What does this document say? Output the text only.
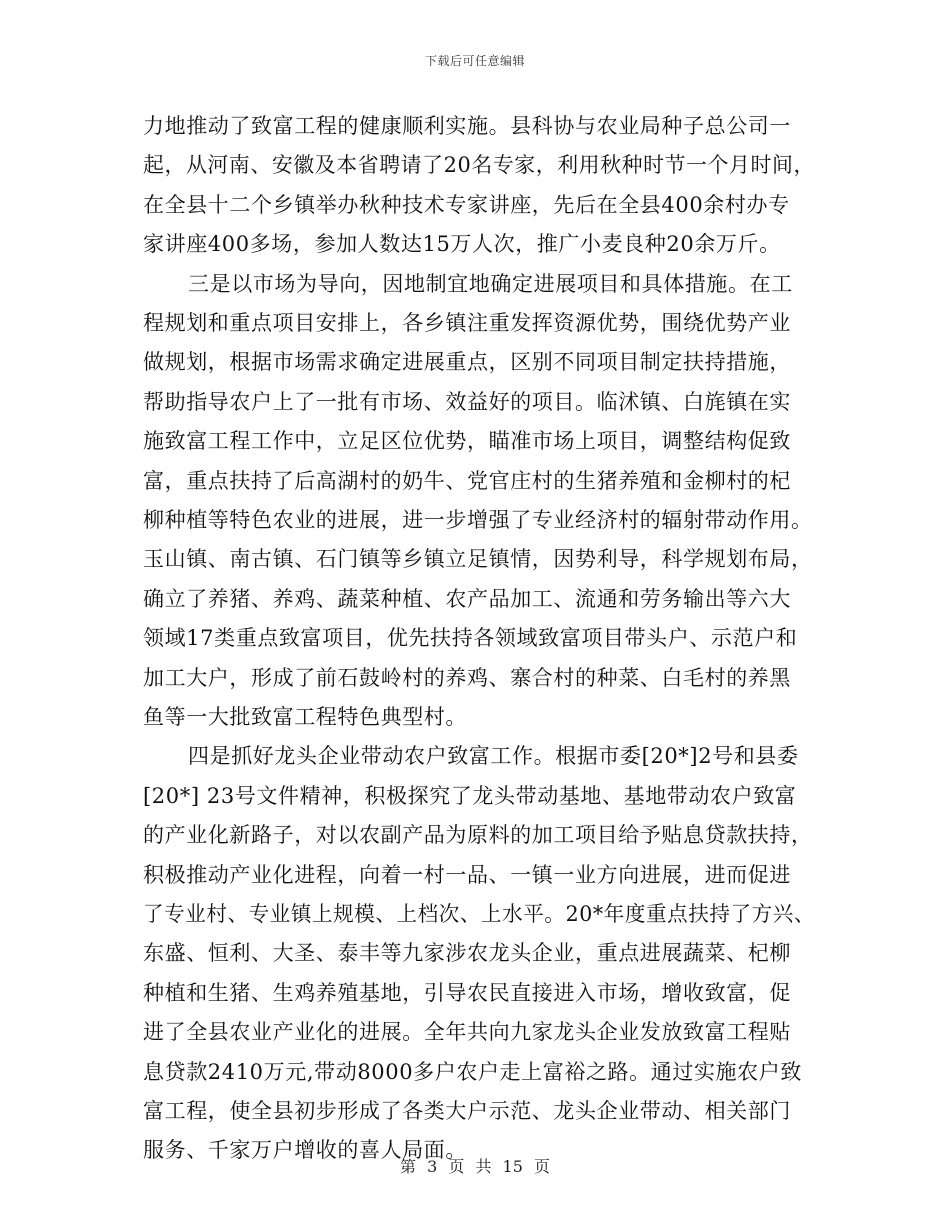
下载后可任意编辑
力地推动了致富工程的健康顺利实施。县科协与农业局种子总公司一
起，从河南、安徽及本省聘请了20名专家，利用秋种时节一个月时间，
在全县十二个乡镇举办秋种技术专家讲座，先后在全县400余村办专
家讲座400多场，参加人数达15万人次，推广小麦良种20余万斤。
三是以市场为导向，因地制宜地确定进展项目和具体措施。在工
程规划和重点项目安排上，各乡镇注重发挥资源优势，围绕优势产业
做规划，根据市场需求确定进展重点，区别不同项目制定扶持措施，
帮助指导农户上了一批有市场、效益好的项目。临沭镇、白旄镇在实
施致富工程工作中，立足区位优势，瞄准市场上项目，调整结构促致
富，重点扶持了后高湖村的奶牛、党官庄村的生猪养殖和金柳村的杞
柳种植等特色农业的进展，进一步增强了专业经济村的辐射带动作用。
玉山镇、南古镇、石门镇等乡镇立足镇情，因势利导，科学规划布局，
确立了养猪、养鸡、蔬菜种植、农产品加工、流通和劳务输出等六大
领域17类重点致富项目，优先扶持各领域致富项目带头户、示范户和
加工大户，形成了前石鼓岭村的养鸡、寨合村的种菜、白毛村的养黑
鱼等一大批致富工程特色典型村。
四是抓好龙头企业带动农户致富工作。根据市委[20*]2号和县委
[20*] 23号文件精神，积极探究了龙头带动基地、基地带动农户致富
的产业化新路子，对以农副产品为原料的加工项目给予贴息贷款扶持，
积极推动产业化进程，向着一村一品、一镇一业方向进展，进而促进
了专业村、专业镇上规模、上档次、上水平。20*年度重点扶持了方兴、
东盛、恒利、大圣、泰丰等九家涉农龙头企业，重点进展蔬菜、杞柳
种植和生猪、生鸡养殖基地，引导农民直接进入市场，增收致富，促
进了全县农业产业化的进展。全年共向九家龙头企业发放致富工程贴
息贷款2410万元,带动8000多户农户走上富裕之路。通过实施农户致
富工程，使全县初步形成了各类大户示范、龙头企业带动、相关部门
服务、千家万户增收的喜人局面。
第 3 页 共 15 页
